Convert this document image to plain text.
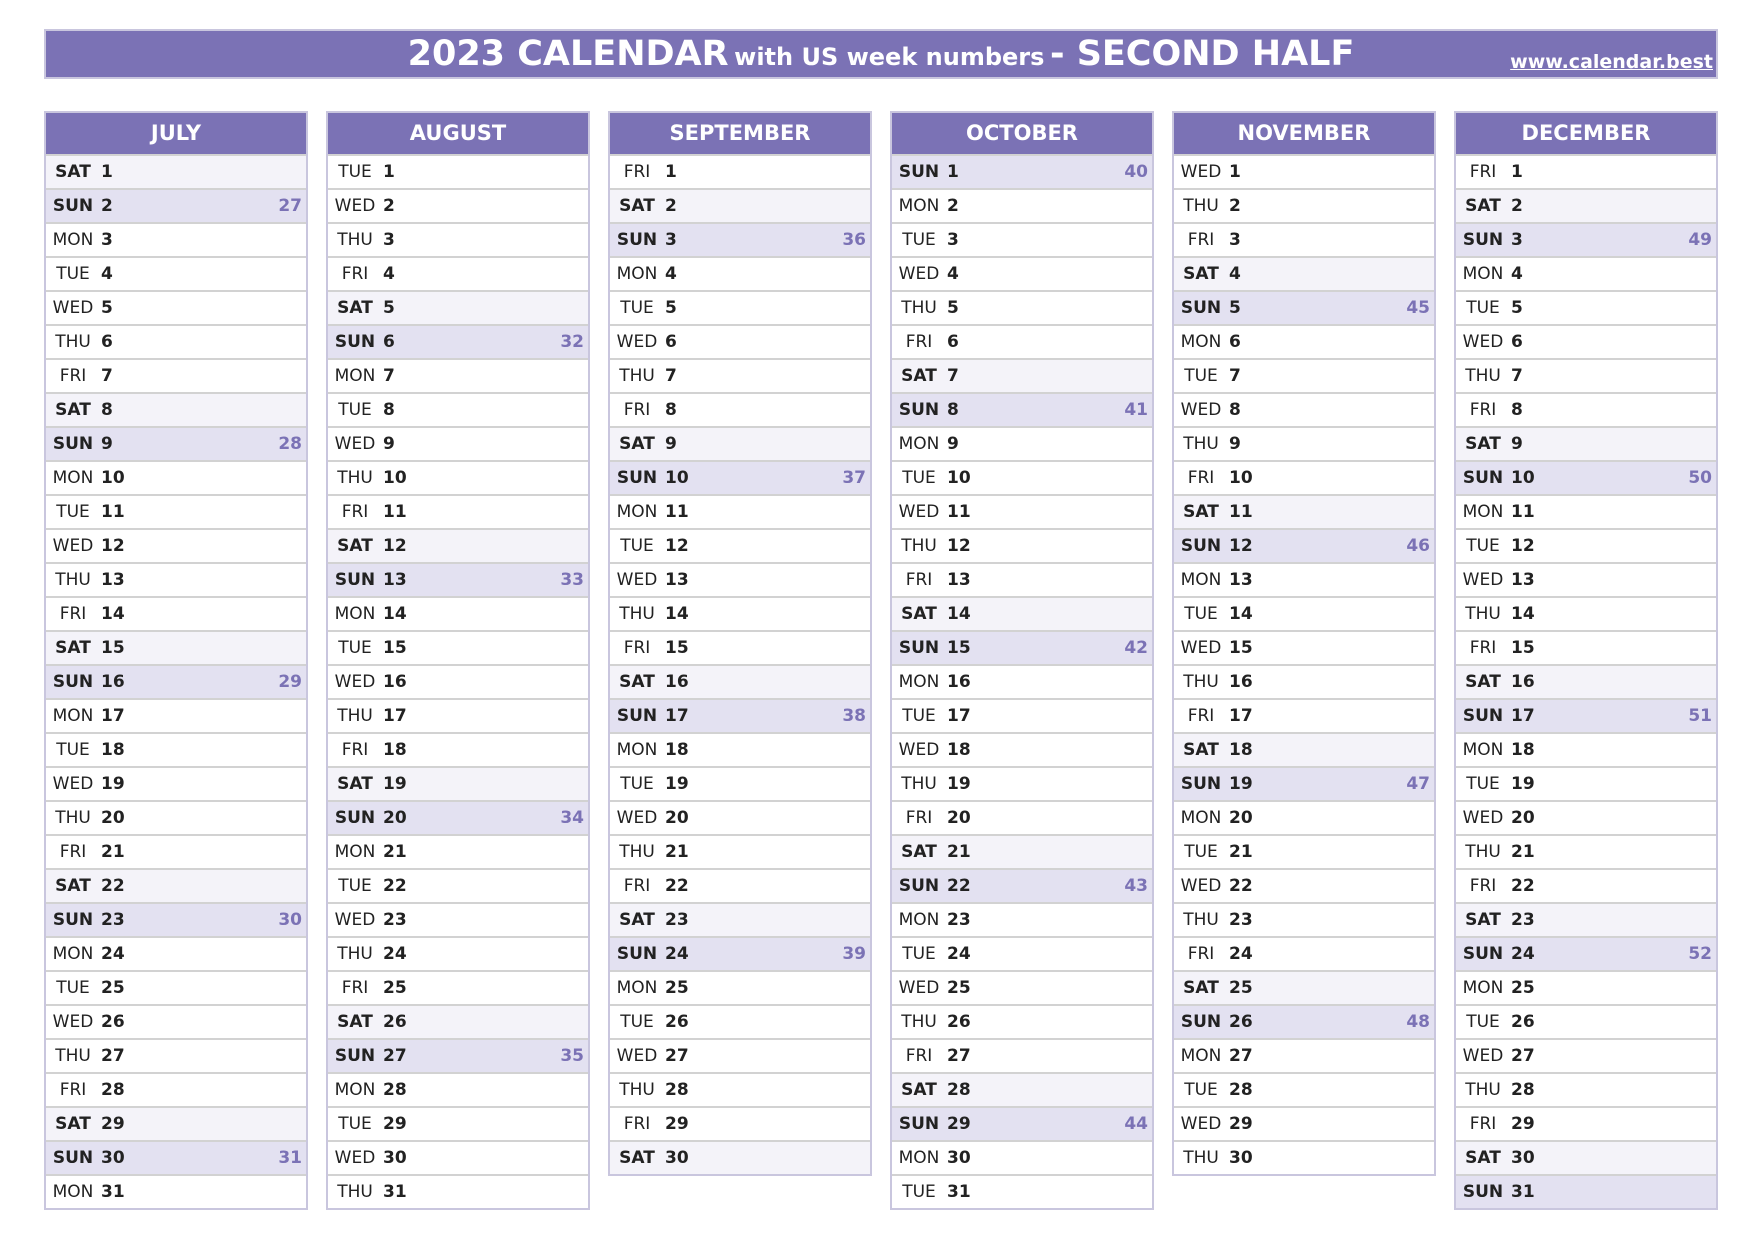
2023 CALENDAR with US week numbers - SECOND HALF	www.calendar.best
JULY
SAT 1
SUN 2	27
MON 3
TUE 4
WED 5
THU 6
FRI 7
SAT 8
SUN 9	28
MON 10
TUE 11
WED 12
THU 13
FRI 14
SAT 15
SUN 16	29
MON 17
TUE 18
WED 19
THU 20
FRI 21
SAT 22
SUN 23	30
MON 24
TUE 25
WED 26
THU 27
FRI 28
SAT 29
SUN 30	31
MON 31
AUGUST
TUE 1
WED 2
THU 3
FRI 4
SAT 5
SUN 6	32
MON 7
TUE 8
WED 9
THU 10
FRI 11
SAT 12
SUN 13	33
MON 14
TUE 15
WED 16
THU 17
FRI 18
SAT 19
SUN 20	34
MON 21
TUE 22
WED 23
THU 24
FRI 25
SAT 26
SUN 27	35
MON 28
TUE 29
WED 30
THU 31
SEPTEMBER
FRI 1
SAT 2
SUN 3	36
MON 4
TUE 5
WED 6
THU 7
FRI 8
SAT 9
SUN 10	37
MON 11
TUE 12
WED 13
THU 14
FRI 15
SAT 16
SUN 17	38
MON 18
TUE 19
WED 20
THU 21
FRI 22
SAT 23
SUN 24	39
MON 25
TUE 26
WED 27
THU 28
FRI 29
SAT 30
OCTOBER
SUN 1	40
MON 2
TUE 3
WED 4
THU 5
FRI 6
SAT 7
SUN 8	41
MON 9
TUE 10
WED 11
THU 12
FRI 13
SAT 14
SUN 15	42
MON 16
TUE 17
WED 18
THU 19
FRI 20
SAT 21
SUN 22	43
MON 23
TUE 24
WED 25
THU 26
FRI 27
SAT 28
SUN 29	44
MON 30
TUE 31
NOVEMBER
WED 1
THU 2
FRI 3
SAT 4
SUN 5	45
MON 6
TUE 7
WED 8
THU 9
FRI 10
SAT 11
SUN 12	46
MON 13
TUE 14
WED 15
THU 16
FRI 17
SAT 18
SUN 19	47
MON 20
TUE 21
WED 22
THU 23
FRI 24
SAT 25
SUN 26	48
MON 27
TUE 28
WED 29
THU 30
DECEMBER
FRI 1
SAT 2
SUN 3	49
MON 4
TUE 5
WED 6
THU 7
FRI 8
SAT 9
SUN 10	50
MON 11
TUE 12
WED 13
THU 14
FRI 15
SAT 16
SUN 17	51
MON 18
TUE 19
WED 20
THU 21
FRI 22
SAT 23
SUN 24	52
MON 25
TUE 26
WED 27
THU 28
FRI 29
SAT 30
SUN 31
